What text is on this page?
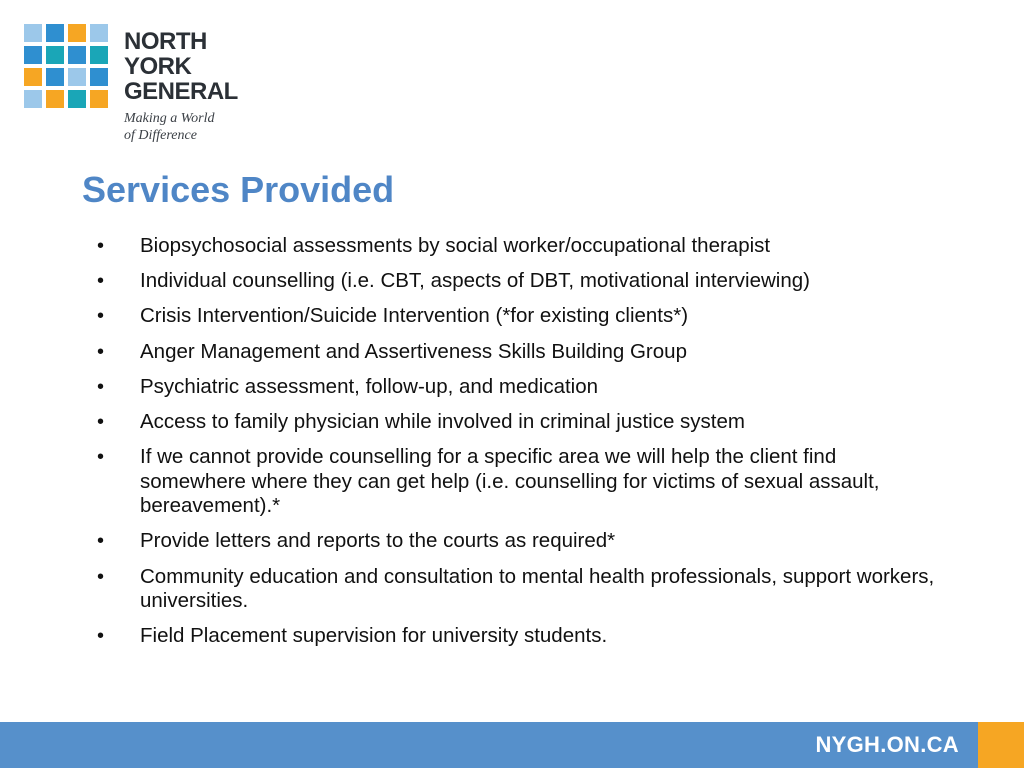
NORTH
YORK
GENERAL
Making a World
of Difference
Services Provided
• Biopsychosocial assessments by social worker/occupational therapist
• Individual counselling (i.e. CBT, aspects of DBT, motivational interviewing)
• Crisis Intervention/Suicide Intervention (*for existing clients*)
• Anger Management and Assertiveness Skills Building Group
• Psychiatric assessment, follow-up, and medication
• Access to family physician while involved in criminal justice system
• If we cannot provide counselling for a specific area we will help the client find somewhere where they can get help (i.e. counselling for victims of sexual assault, bereavement).*
• Provide letters and reports to the courts as required*
• Community education and consultation to mental health professionals, support workers, universities.
• Field Placement supervision for university students.
NYGH.ON.CA
